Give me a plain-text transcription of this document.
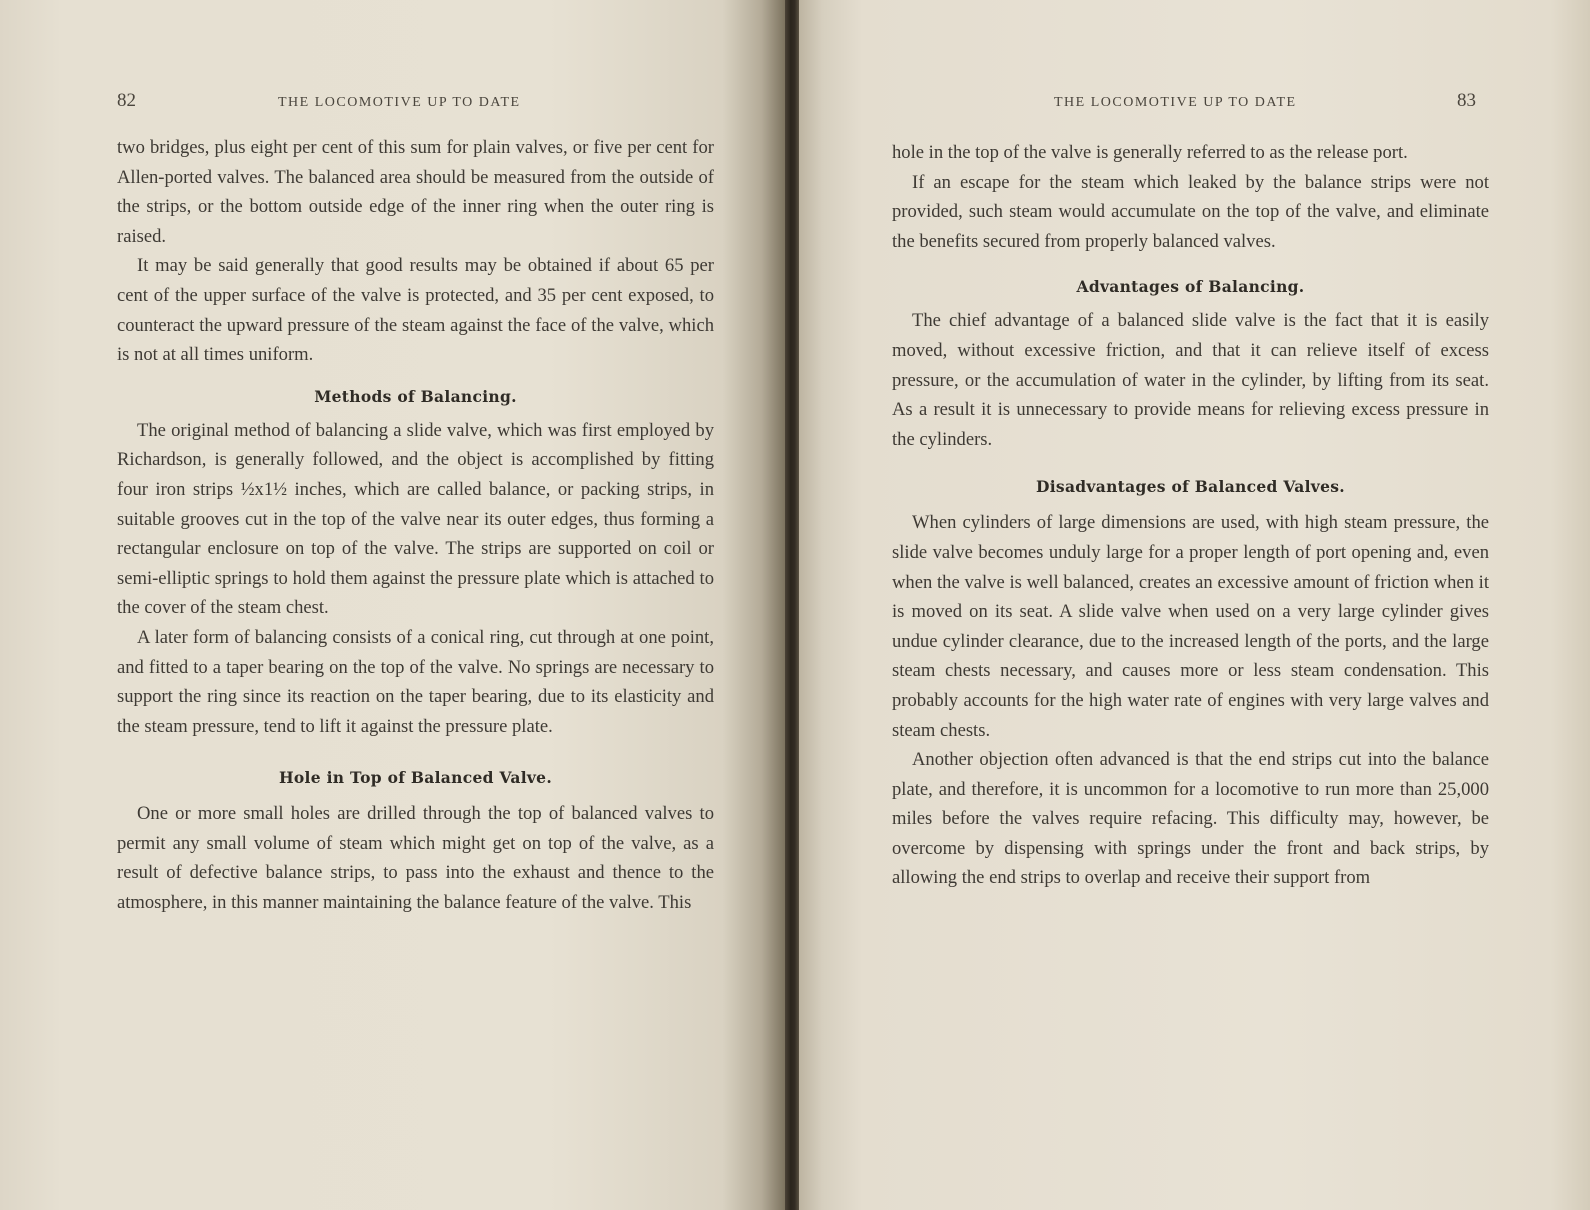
82	THE LOCOMOTIVE UP TO DATE

two bridges, plus eight per cent of this sum for plain valves, or five per cent for Allen-ported valves. The balanced area should be measured from the outside of the strips, or the bottom outside edge of the inner ring when the outer ring is raised.

It may be said generally that good results may be obtained if about 65 per cent of the upper surface of the valve is protected, and 35 per cent exposed, to counteract the upward pressure of the steam against the face of the valve, which is not at all times uniform.

Methods of Balancing.

The original method of balancing a slide valve, which was first employed by Richardson, is generally followed, and the object is accomplished by fitting four iron strips ½x1½ inches, which are called balance, or packing strips, in suitable grooves cut in the top of the valve near its outer edges, thus forming a rectangular enclosure on top of the valve. The strips are supported on coil or semi-elliptic springs to hold them against the pressure plate which is attached to the cover of the steam chest.

A later form of balancing consists of a conical ring, cut through at one point, and fitted to a taper bearing on the top of the valve. No springs are necessary to support the ring since its reaction on the taper bearing, due to its elasticity and the steam pressure, tend to lift it against the pressure plate.

Hole in Top of Balanced Valve.

One or more small holes are drilled through the top of balanced valves to permit any small volume of steam which might get on top of the valve, as a result of defective balance strips, to pass into the exhaust and thence to the atmosphere, in this manner maintaining the balance feature of the valve. This

THE LOCOMOTIVE UP TO DATE	83

hole in the top of the valve is generally referred to as the release port.

If an escape for the steam which leaked by the balance strips were not provided, such steam would accumulate on the top of the valve, and eliminate the benefits secured from properly balanced valves.

Advantages of Balancing.

The chief advantage of a balanced slide valve is the fact that it is easily moved, without excessive friction, and that it can relieve itself of excess pressure, or the accumulation of water in the cylinder, by lifting from its seat. As a result it is unnecessary to provide means for relieving excess pressure in the cylinders.

Disadvantages of Balanced Valves.

When cylinders of large dimensions are used, with high steam pressure, the slide valve becomes unduly large for a proper length of port opening and, even when the valve is well balanced, creates an excessive amount of friction when it is moved on its seat. A slide valve when used on a very large cylinder gives undue cylinder clearance, due to the increased length of the ports, and the large steam chests necessary, and causes more or less steam condensation. This probably accounts for the high water rate of engines with very large valves and steam chests.

Another objection often advanced is that the end strips cut into the balance plate, and therefore, it is uncommon for a locomotive to run more than 25,000 miles before the valves require refacing. This difficulty may, however, be overcome by dispensing with springs under the front and back strips, by allowing the end strips to overlap and receive their support from
